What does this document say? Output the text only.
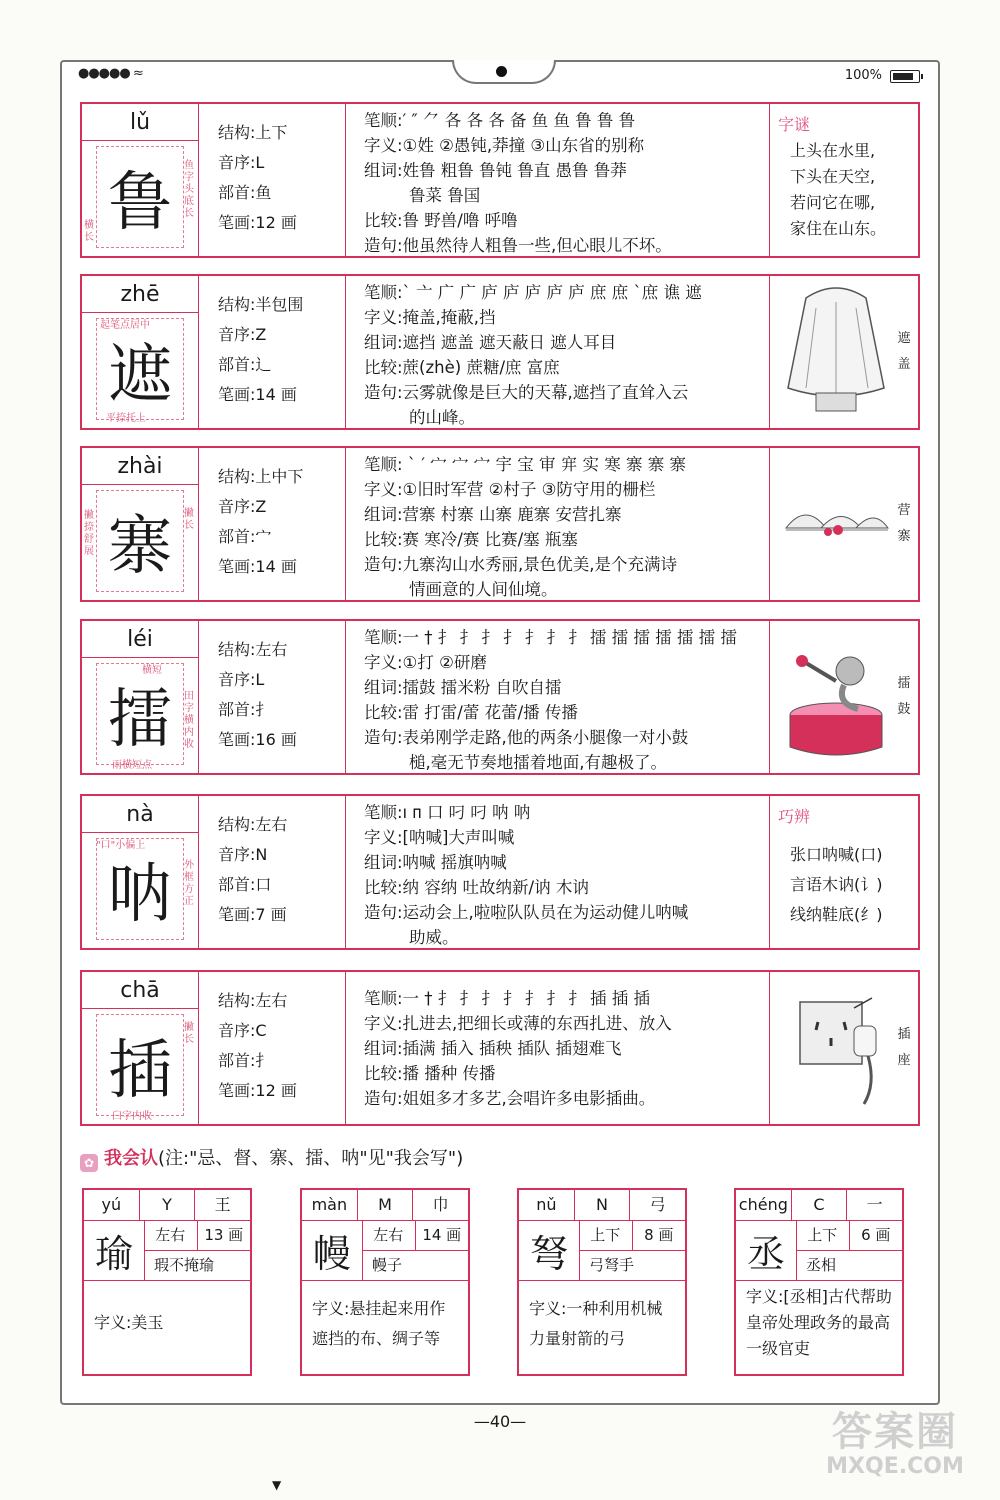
●●●●● ≈	100%
lǔ
鲁
鱼字头底长
横长
结构:上下
音序:L
部首:鱼
笔画:12 画
笔顺:′ ″ ⺈ 各 各 各 备 鱼 鱼 鲁 鲁 鲁
字义:①姓 ②愚钝,莽撞 ③山东省的别称
组词:姓鲁 粗鲁 鲁钝 鲁直 愚鲁 鲁莽
鲁菜 鲁国
比较:鲁 野兽/噜 呼噜
造句:他虽然待人粗鲁一些,但心眼儿不坏。
字谜
上头在水里,
下头在天空,
若问它在哪,
家住在山东。
zhē
遮
起笔点居中
平捺托上
结构:半包围
音序:Z
部首:辶
笔画:14 画
笔顺:` 亠 广 广 庐 庐 庐 庐 庐 庶 庶 `庶 谯 遮
字义:掩盖,掩蔽,挡
组词:遮挡 遮盖 遮天蔽日 遮人耳目
比较:蔗(zhè) 蔗糖/庶 富庶
造句:云雾就像是巨大的天幕,遮挡了直耸入云
的山峰。
遮盖
zhài
寨	撇长
撇捺舒展
结构:上中下
音序:Z
部首:宀
笔画:14 画
笔顺: ` ′ 宀 宀 宀 宇 宝 审 宑 实 寒 寨 寨 寨
字义:①旧时军营 ②村子 ③防守用的栅栏
组词:营寨 村寨 山寨 鹿寨 安营扎寨
比较:赛 寒冷/赛 比赛/塞 瓶塞
造句:九寨沟山水秀丽,景色优美,是个充满诗
情画意的人间仙境。
营寨
léi
擂
横短
田字横内收
雨横短点
结构:左右
音序:L
部首:扌
笔画:16 画
笔顺:一 † 扌 扌 扌 扌 扌 扌 扌 擂 擂 擂 擂 擂 擂 擂
字义:①打 ②研磨
组词:擂鼓 擂米粉 自吹自擂
比较:雷 打雷/蕾 花蕾/播 传播
造句:表弟刚学走路,他的两条小腿像一对小鼓
槌,毫无节奏地擂着地面,有趣极了。
擂鼓
nà
呐
"口"小偏上
外框方正
结构:左右
音序:N
部首:口
笔画:7 画
笔顺:ı ᴨ 口 叼 叼 呐 呐
字义:[呐喊]大声叫喊
组词:呐喊 摇旗呐喊
比较:纳 容纳 吐故纳新/讷 木讷
造句:运动会上,啦啦队队员在为运动健儿呐喊
助威。
巧辨
张口呐喊(口)
言语木讷(讠)
线纳鞋底(纟)
chā
插
撇长
臼字内收
结构:左右
音序:C
部首:扌
笔画:12 画
笔顺:一 † 扌 扌 扌 扌 扌 扌 扌 插 插 插
字义:扎进去,把细长或薄的东西扎进、放入
组词:插满 插入 插秧 插队 插翅难飞
比较:播 播种 传播
造句:姐姐多才多艺,会唱许多电影插曲。
插座
✿ 我会认(注:"忌、督、寨、擂、呐"见"我会写")
yú	Y	王
瑜	左右	13 画
瑕不掩瑜
字义:美玉
màn	M	巾
幔	左右	14 画
幔子
字义:悬挂起来用作遮挡的布、绸子等
nǔ	N	弓
弩	上下	8 画
弓弩手
字义:一种利用机械力量射箭的弓
chéng	C	一
丞	上下	6 画
丞相
字义:[丞相]古代帮助皇帝处理政务的最高一级官吏
—40—
▼
答案圈
MXQE.COM
